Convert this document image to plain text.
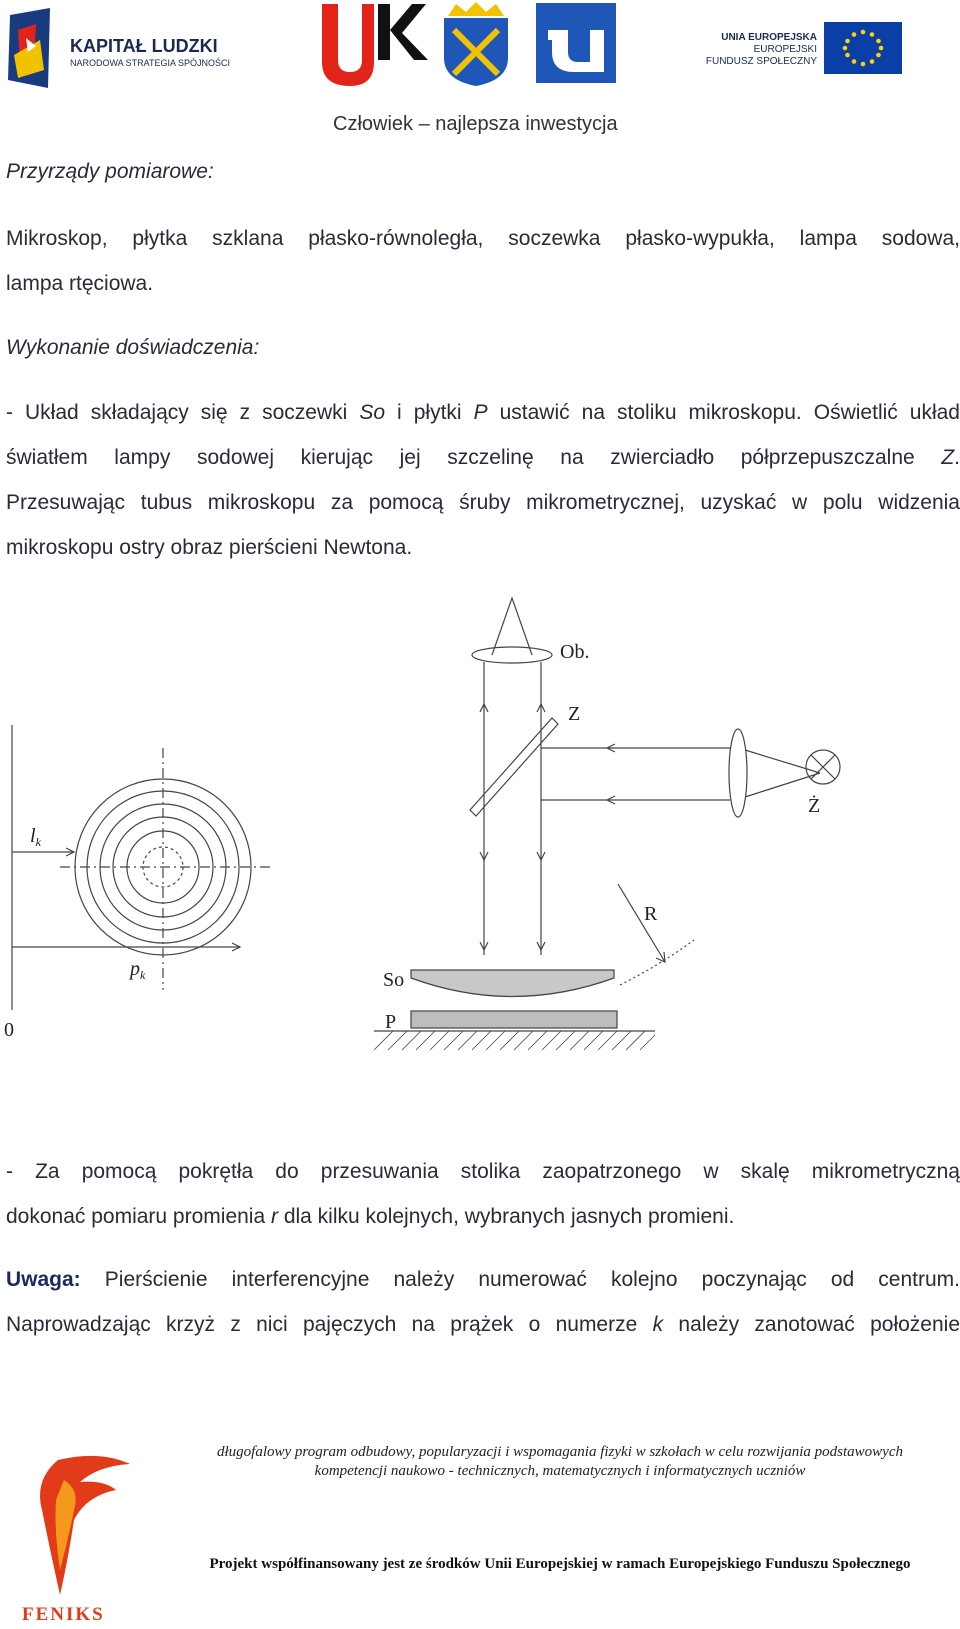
KAPITAŁ LUDZKI
NARODOWA STRATEGIA SPÓJNOŚCI
UNIA EUROPEJSKA
EUROPEJSKI
FUNDUSZ SPOŁECZNY
Człowiek – najlepsza inwestycja
Przyrządy pomiarowe:
Mikroskop, płytka szklana płasko-równoległa, soczewka płasko-wypukła, lampa sodowa,
lampa rtęciowa.
Wykonanie doświadczenia:
- Układ składający się z soczewki So i płytki P ustawić na stoliku mikroskopu. Oświetlić układ
światłem lampy sodowej kierując jej szczelinę na zwierciadło półprzepuszczalne Z.
Przesuwając tubus mikroskopu za pomocą śruby mikrometrycznej, uzyskać w polu widzenia
mikroskopu ostry obraz pierścieni Newtona.
Ob.
Z
Ż
R
So
P
$l_k$
$p_k$
0
- Za pomocą pokrętła do przesuwania stolika zaopatrzonego w skalę mikrometryczną
dokonać pomiaru promienia r dla kilku kolejnych, wybranych jasnych promieni.
Uwaga: Pierścienie interferencyjne należy numerować kolejno poczynając od centrum.
Naprowadzając krzyż z nici pajęczych na prążek o numerze k należy zanotować położenie
FENIKS
długofalowy program odbudowy, popularyzacji i wspomagania fizyki w szkołach w celu rozwijania podstawowych
kompetencji naukowo - technicznych, matematycznych i informatycznych uczniów
Projekt współfinansowany jest ze środków Unii Europejskiej w ramach Europejskiego Funduszu Społecznego
